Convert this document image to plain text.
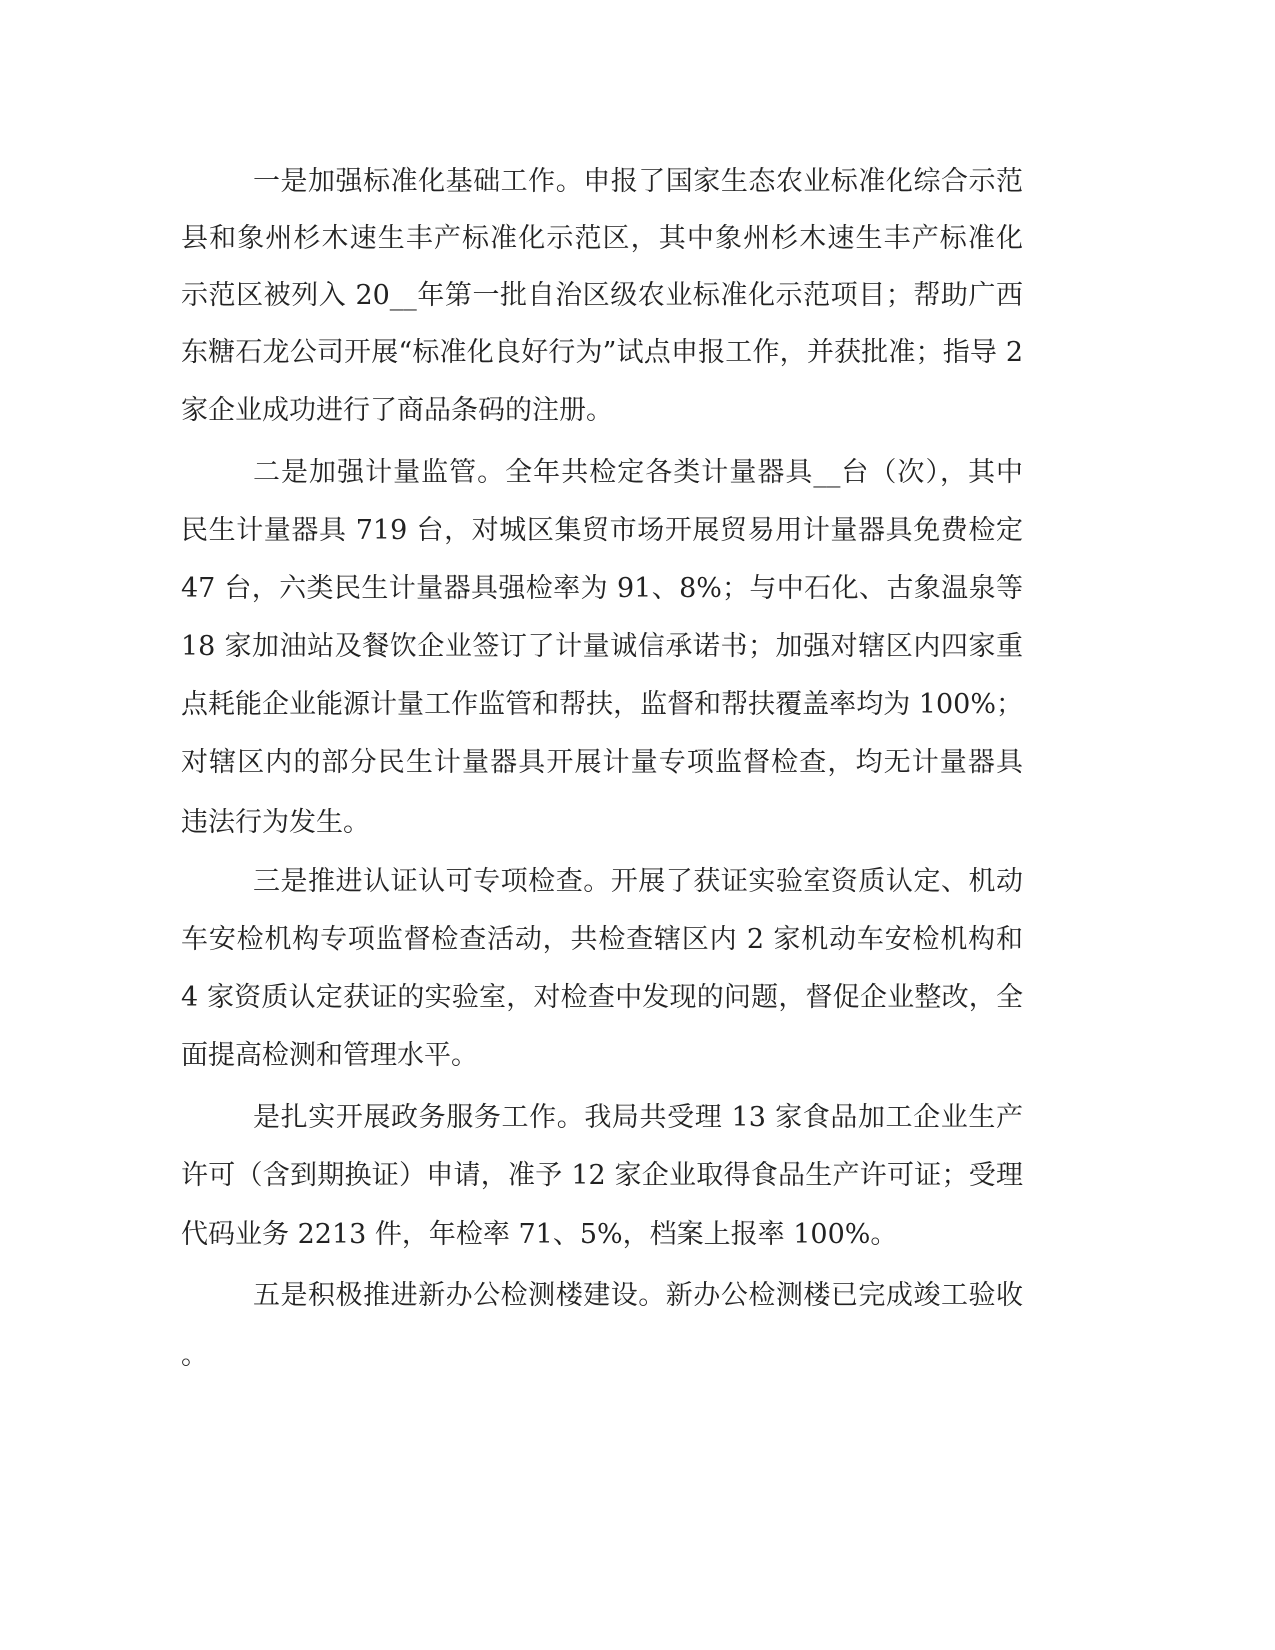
一是加强标准化基础工作。申报了国家生态农业标准化综合示范
县和象州杉木速生丰产标准化示范区，其中象州杉木速生丰产标准化
示范区被列入 20__年第一批自治区级农业标准化示范项目；帮助广西
东糖石龙公司开展“标准化良好行为”试点申报工作，并获批准；指导 2
家企业成功进行了商品条码的注册。
二是加强计量监管。全年共检定各类计量器具__台（次），其中
民生计量器具 719 台，对城区集贸市场开展贸易用计量器具免费检定
47 台，六类民生计量器具强检率为 91、8%；与中石化、古象温泉等
18 家加油站及餐饮企业签订了计量诚信承诺书；加强对辖区内四家重
点耗能企业能源计量工作监管和帮扶，监督和帮扶覆盖率均为 100%；
对辖区内的部分民生计量器具开展计量专项监督检查，均无计量器具
违法行为发生。
三是推进认证认可专项检查。开展了获证实验室资质认定、机动
车安检机构专项监督检查活动，共检查辖区内 2 家机动车安检机构和
4 家资质认定获证的实验室，对检查中发现的问题，督促企业整改，全
面提高检测和管理水平。
是扎实开展政务服务工作。我局共受理 13 家食品加工企业生产
许可（含到期换证）申请，准予 12 家企业取得食品生产许可证；受理
代码业务 2213 件，年检率 71、5%，档案上报率 100%。
五是积极推进新办公检测楼建设。新办公检测楼已完成竣工验收
。
